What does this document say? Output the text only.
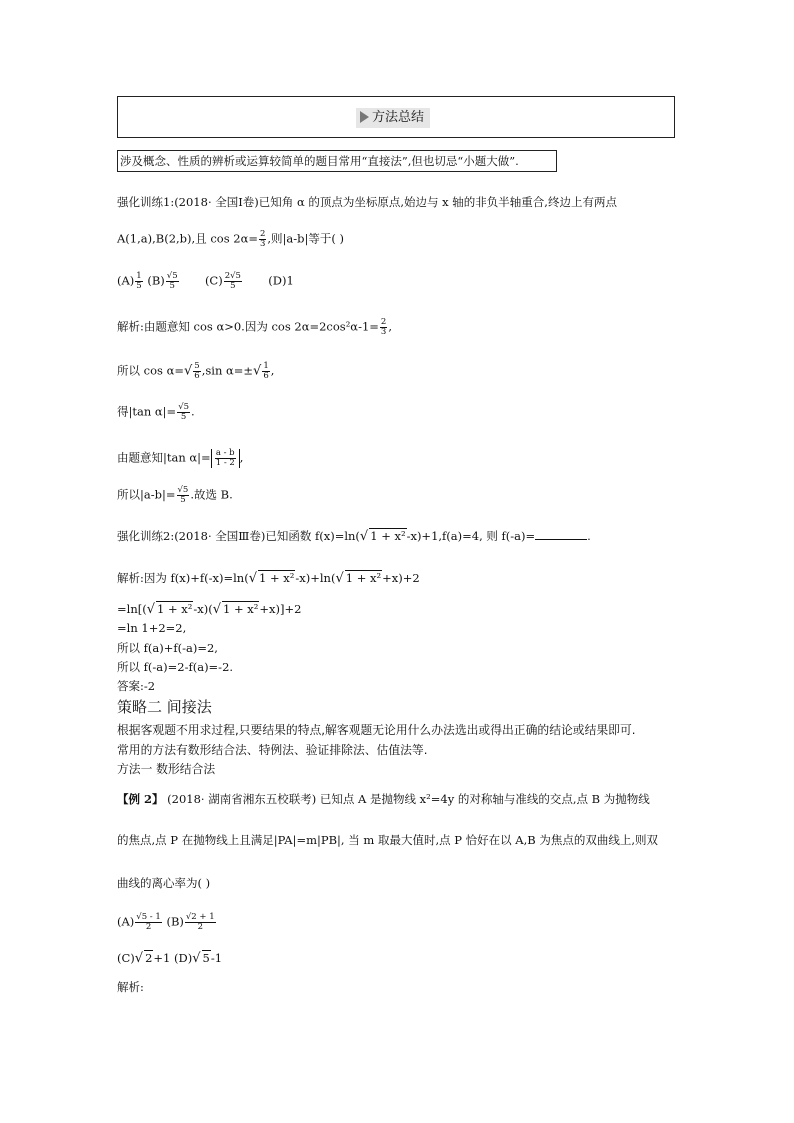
方法总结
涉及概念、性质的辨析或运算较简单的题目常用“直接法”,但也切忌“小题大做”.
强化训练1:(2018· 全国Ⅰ卷)已知角 α 的顶点为坐标原点,始边与 x 轴的非负半轴重合,终边上有两点
A(1,a),B(2,b),且 $\cos 2\alpha= \frac{2}{3}$ ,则|a-b|等于( )
$(A) \frac{1}{5} (B) \frac{√5}{5} (C) \frac{2√5}{5} (D)1$
解析:由题意知 cos α>0.因为 $\cos 2\alpha=2\cos^2\alpha-1= \frac{2}{3}$ ,
所以 $\cos \alpha=√ \frac{5}{6} ,\sin$ $\alpha=\pm√ \frac{1}{6}$ ,
得|tan $\alpha|= \frac{√5}{5}$ .
由题意知|tan $\alpha|= \frac{a - b}{1 - 2}$ ,
所以$|a-b|= \frac{√5}{5}$ .故选 B.
强化训练2:(2018· 全国Ⅲ卷)已知函数 f(x)=ln(√ 1 + x²-x)+1,f(a)=4, 则 f(-a)=	.
解析:因为 f(x)+f(-x)=ln(√ 1 + x²-x)+ln(√ 1 + x²+x)+2
=ln[(√ 1 + x²-x)(√ 1 + x²+x)]+2
=ln 1+2=2,
所以 f(a)+f(-a)=2,
所以 f(-a)=2-f(a)=-2.
答案:-2
策略二 间接法
根据客观题不用求过程,只要结果的特点,解客观题无论用什么办法选出或得出正确的结论或结果即可.
常用的方法有数形结合法、特例法、验证排除法、估值法等.
方法一 数形结合法
【例 2】 (2018· 湖南省湘东五校联考) 已知点 A 是抛物线 x²=4y 的对称轴与准线的交点,点 B 为抛物线
的焦点,点 P 在抛物线上且满足|PA|=m|PB|, 当 m 取最大值时,点 P 恰好在以 A,B 为焦点的双曲线上,则双
曲线的离心率为( )
$(A) \frac{√5 - 1}{2} (B) \frac{√2 + 1}{2}$
(C)√ 2+1 (D)√ 5-1
解析:
